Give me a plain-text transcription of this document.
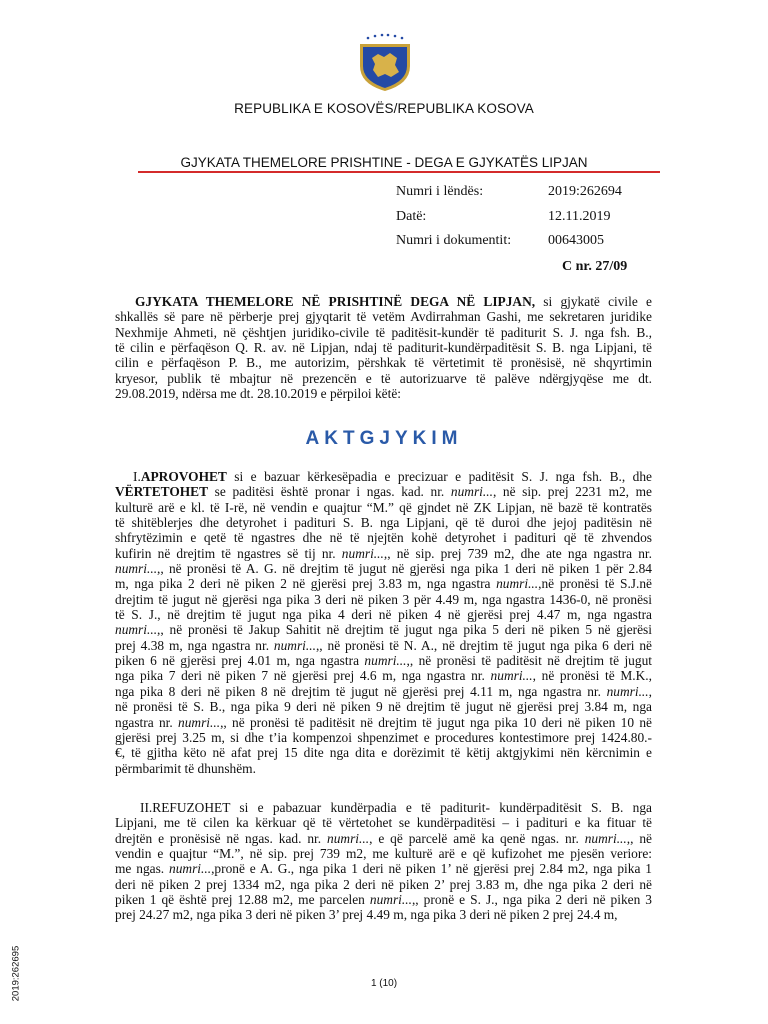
REPUBLIKA E KOSOVËS/REPUBLIKA KOSOVA
GJYKATA THEMELORE PRISHTINE - DEGA E GJYKATËS LIPJAN
Numri i lëndës:	2019:262694
Datë:	12.11.2019
Numri i dokumentit:	00643005
C nr. 27/09
GJYKATA THEMELORE NË PRISHTINË DEGA NË LIPJAN, si gjykatë civile e
shkallës së pare në përberje prej gjyqtarit të vetëm Avdirrahman Gashi, me sekretaren juridike
Nexhmije Ahmeti, në çështjen juridiko-civile të paditësit-kundër të paditurit S. J. nga fsh. B.,
të cilin e përfaqëson Q. R. av. në Lipjan, ndaj të paditurit-kundërpaditësit S. B. nga Lipjani, të
cilin e përfaqëson P. B., me autorizim, përshkak të vërtetimit të pronësisë, në shqyrtimin
kryesor, publik të mbajtur në prezencën e të autorizuarve të palëve ndërgjyqëse me dt.
29.08.2019, ndërsa me dt. 28.10.2019 e përpiloi këtë:
AKTGJYKIM
I.APROVOHET si e bazuar kërkesëpadia e precizuar e paditësit S. J. nga fsh. B., dhe
VËRTETOHET se paditësi është pronar i ngas. kad. nr. numri..., në sip. prej 2231 m2, me
kulturë arë e kl. të I-rë, në vendin e quajtur “M.” që gjndet në ZK Lipjan, në bazë të kontratës
të shitëblerjes dhe detyrohet i padituri S. B. nga Lipjani, që të duroi dhe jejoj paditësin në
shfrytëzimin e qetë të ngastres dhe në të njejtën kohë detyrohet i padituri që të zhvendos
kufirin në drejtim të ngastres së tij nr. numri...,, në sip. prej 739 m2, dhe ate nga ngastra nr.
numri...,, në pronësi të A. G. në drejtim të jugut në gjerësi nga pika 1 deri në piken 1 për 2.84
m, nga pika 2 deri në piken 2 në gjerësi prej 3.83 m, nga ngastra numri...,në pronësi të S.J.në
drejtim të jugut në gjerësi nga pika 3 deri në piken 3 për 4.49 m, nga ngastra 1436-0, në pronësi
të S. J., në drejtim të jugut nga pika 4 deri në piken 4 në gjerësi prej 4.47 m, nga ngastra
numri...,, në pronësi të Jakup Sahitit në drejtim të jugut nga pika 5 deri në piken 5 në gjerësi
prej 4.38 m, nga ngastra nr. numri...,, në pronësi të N. A., në drejtim të jugut nga pika 6 deri në
piken 6 në gjerësi prej 4.01 m, nga ngastra numri...,, në pronësi të paditësit në drejtim të jugut
nga pika 7 deri në piken 7 në gjerësi prej 4.6 m, nga ngastra nr. numri..., në pronësi të M.K.,
nga pika 8 deri në piken 8 në drejtim të jugut në gjerësi prej 4.11 m, nga ngastra nr. numri...,
në pronësi të S. B., nga pika 9 deri në piken 9 në drejtim të jugut në gjerësi prej 3.84 m, nga
ngastra nr. numri...,, në pronësi të paditësit në drejtim të jugut nga pika 10 deri në piken 10 në
gjerësi prej 3.25 m, si dhe t’ia kompenzoi shpenzimet e procedures kontestimore prej 1424.80.-
€, të gjitha këto në afat prej 15 dite nga dita e dorëzimit të këtij aktgjykimi nën kërcnimin e
përmbarimit të dhunshëm.
II.REFUZOHET si e pabazuar kundërpadia e të paditurit- kundërpaditësit S. B. nga
Lipjani, me të cilen ka kërkuar që të vërtetohet se kundërpaditësi – i padituri e ka fituar të
drejtën e pronësisë në ngas. kad. nr. numri..., e që parcelë amë ka qenë ngas. nr. numri...,, në
vendin e quajtur “M.”, në sip. prej 739 m2, me kulturë arë e që kufizohet me pjesën veriore:
me ngas. numri...,pronë e A. G., nga pika 1 deri në piken 1’ në gjerësi prej 2.84 m2, nga pika 1
deri në piken 2 prej 1334 m2, nga pika 2 deri në piken 2’ prej 3.83 m, dhe nga pika 2 deri në
piken 1 që është prej 12.88 m2, me parcelen numri...,, pronë e S. J., nga pika 2 deri në piken 3
prej 24.27 m2, nga pika 3 deri në piken 3’ prej 4.49 m, nga pika 3 deri në piken 2 prej 24.4 m,
1 (10)
2019:262695
